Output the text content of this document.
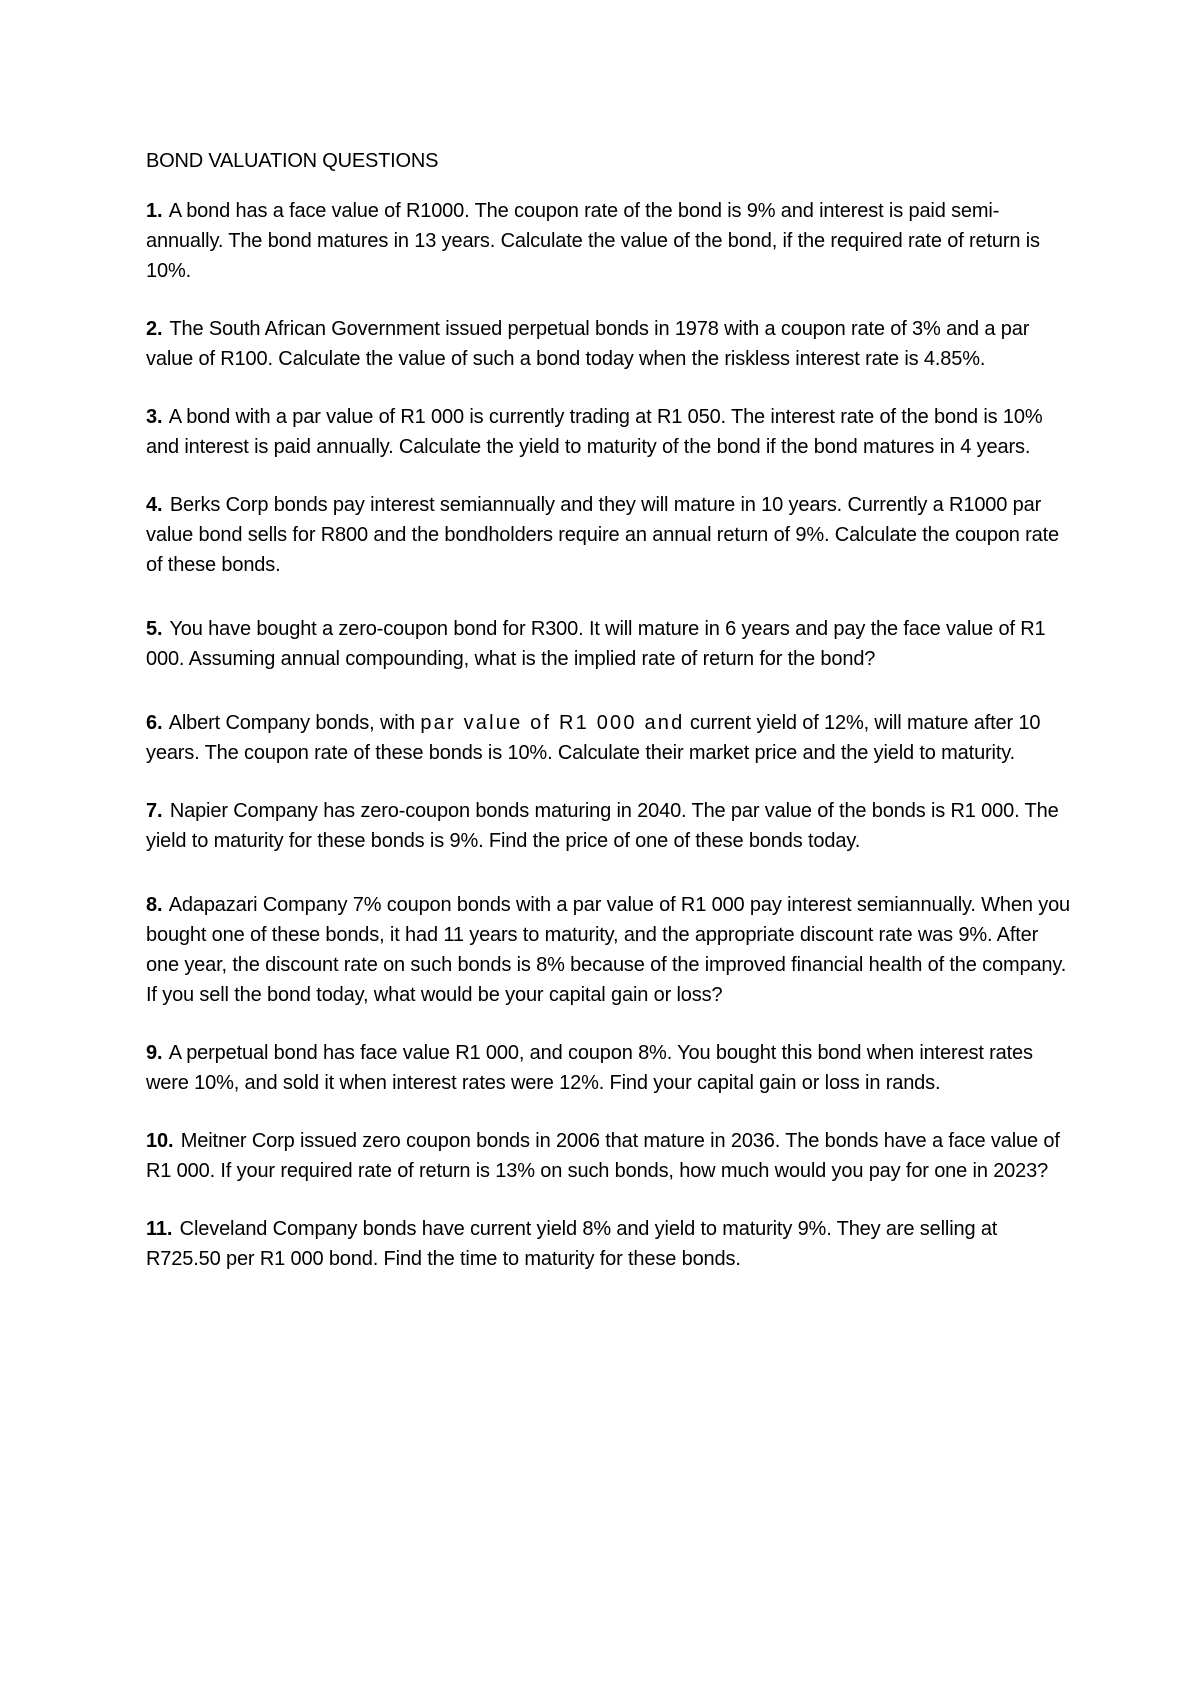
BOND VALUATION QUESTIONS

1. A bond has a face value of R1000. The coupon rate of the bond is 9% and interest is paid semi-annually. The bond matures in 13 years. Calculate the value of the bond, if the required rate of return is 10%.

2. The South African Government issued perpetual bonds in 1978 with a coupon rate of 3% and a par value of R100. Calculate the value of such a bond today when the riskless interest rate is 4.85%.

3. A bond with a par value of R1 000 is currently trading at R1 050. The interest rate of the bond is 10% and interest is paid annually. Calculate the yield to maturity of the bond if the bond matures in 4 years.

4. Berks Corp bonds pay interest semiannually and they will mature in 10 years. Currently a R1000 par value bond sells for R800 and the bondholders require an annual return of 9%. Calculate the coupon rate of these bonds.

5. You have bought a zero-coupon bond for R300. It will mature in 6 years and pay the face value of R1 000. Assuming annual compounding, what is the implied rate of return for the bond?

6. Albert Company bonds, with par value of R1 000 and current yield of 12%, will mature after 10 years. The coupon rate of these bonds is 10%. Calculate their market price and the yield to maturity.

7. Napier Company has zero-coupon bonds maturing in 2040. The par value of the bonds is R1 000. The yield to maturity for these bonds is 9%. Find the price of one of these bonds today.

8. Adapazari Company 7% coupon bonds with a par value of R1 000 pay interest semiannually. When you bought one of these bonds, it had 11 years to maturity, and the appropriate discount rate was 9%. After one year, the discount rate on such bonds is 8% because of the improved financial health of the company. If you sell the bond today, what would be your capital gain or loss?

9. A perpetual bond has face value R1 000, and coupon 8%. You bought this bond when interest rates were 10%, and sold it when interest rates were 12%. Find your capital gain or loss in rands.

10. Meitner Corp issued zero coupon bonds in 2006 that mature in 2036. The bonds have a face value of R1 000. If your required rate of return is 13% on such bonds, how much would you pay for one in 2023?

11. Cleveland Company bonds have current yield 8% and yield to maturity 9%. They are selling at R725.50 per R1 000 bond. Find the time to maturity for these bonds.
